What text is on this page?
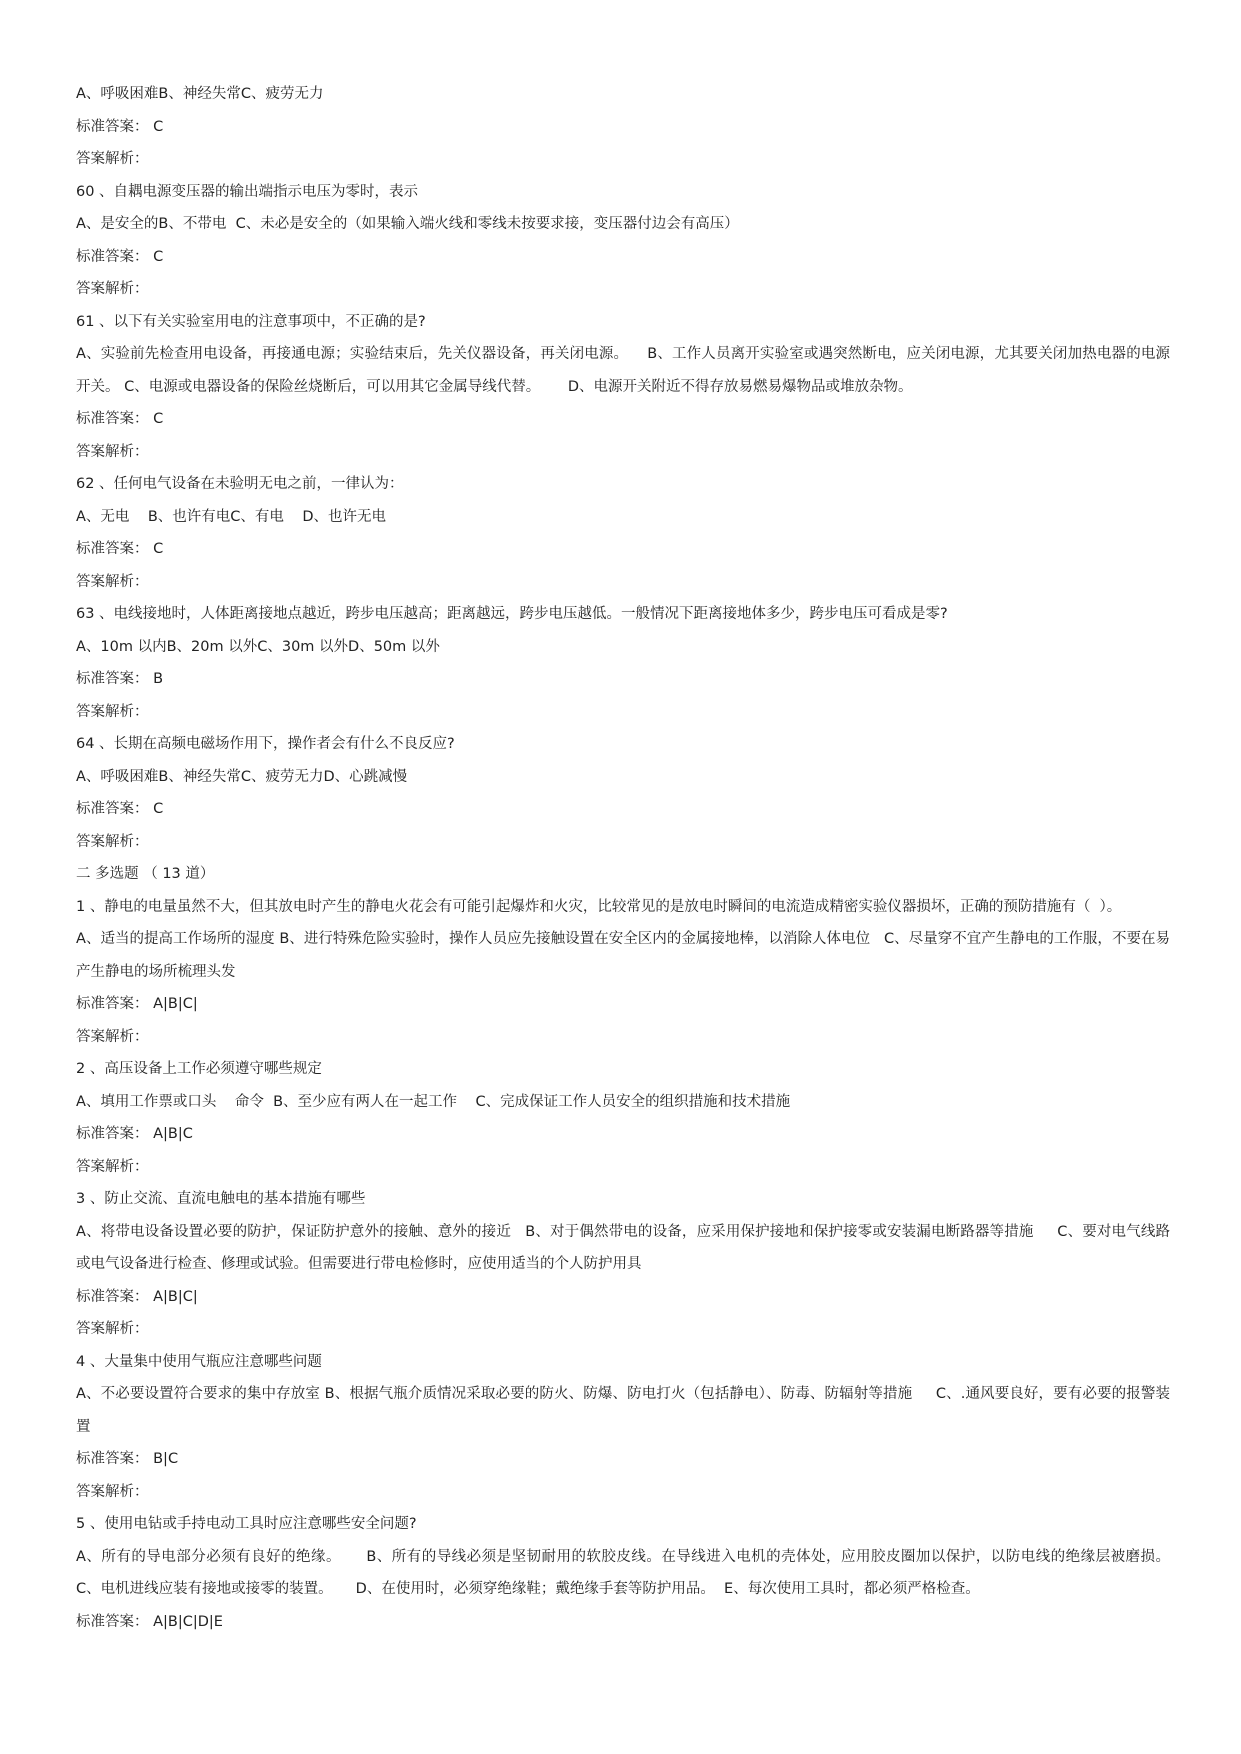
A、呼吸困难B、神经失常C、疲劳无力
标准答案： C
答案解析：
60 、自耦电源变压器的输出端指示电压为零时，表示
A、是安全的B、不带电  C、未必是安全的（如果输入端火线和零线未按要求接，变压器付边会有高压）
标准答案： C
答案解析：
61 、以下有关实验室用电的注意事项中，不正确的是?
A、实验前先检查用电设备，再接通电源；实验结束后，先关仪器设备，再关闭电源。    B、工作人员离开实验室或遇突然断电，应关闭电源，尤其要关闭加热电器的电源开关。 C、电源或电器设备的保险丝烧断后，可以用其它金属导线代替。      D、电源开关附近不得存放易燃易爆物品或堆放杂物。
标准答案： C
答案解析：
62 、任何电气设备在未验明无电之前，一律认为：
A、无电    B、也许有电C、有电    D、也许无电
标准答案： C
答案解析：
63 、电线接地时，人体距离接地点越近，跨步电压越高；距离越远，跨步电压越低。一般情况下距离接地体多少，跨步电压可看成是零?
A、10m 以内B、20m 以外C、30m 以外D、50m 以外
标准答案： B
答案解析：
64 、长期在高频电磁场作用下，操作者会有什么不良反应?
A、呼吸困难B、神经失常C、疲劳无力D、心跳减慢
标准答案： C
答案解析：
二 多选题 （ 13 道）
1 、静电的电量虽然不大，但其放电时产生的静电火花会有可能引起爆炸和火灾，比较常见的是放电时瞬间的电流造成精密实验仪器损坏，正确的预防措施有（  ）。
A、适当的提高工作场所的湿度 B、进行特殊危险实验时，操作人员应先接触设置在安全区内的金属接地棒，以消除人体电位   C、尽量穿不宜产生静电的工作服，不要在易产生静电的场所梳理头发
标准答案： A|B|C|
答案解析：
2 、高压设备上工作必须遵守哪些规定
A、填用工作票或口头    命令  B、至少应有两人在一起工作    C、完成保证工作人员安全的组织措施和技术措施
标准答案： A|B|C
答案解析：
3 、防止交流、直流电触电的基本措施有哪些
A、将带电设备设置必要的防护，保证防护意外的接触、意外的接近   B、对于偶然带电的设备，应采用保护接地和保护接零或安装漏电断路器等措施     C、要对电气线路或电气设备进行检查、修理或试验。但需要进行带电检修时，应使用适当的个人防护用具
标准答案： A|B|C|
答案解析：
4 、大量集中使用气瓶应注意哪些问题
A、不必要设置符合要求的集中存放室 B、根据气瓶介质情况采取必要的防火、防爆、防电打火（包括静电）、防毒、防辐射等措施     C、.通风要良好，要有必要的报警装置
标准答案： B|C
答案解析：
5 、使用电钻或手持电动工具时应注意哪些安全问题?
A、所有的导电部分必须有良好的绝缘。     B、所有的导线必须是坚韧耐用的软胶皮线。在导线进入电机的壳体处，应用胶皮圈加以保护，以防电线的绝缘层被磨损。      C、电机进线应装有接地或接零的装置。     D、在使用时，必须穿绝缘鞋；戴绝缘手套等防护用品。  E、每次使用工具时，都必须严格检查。
标准答案： A|B|C|D|E
